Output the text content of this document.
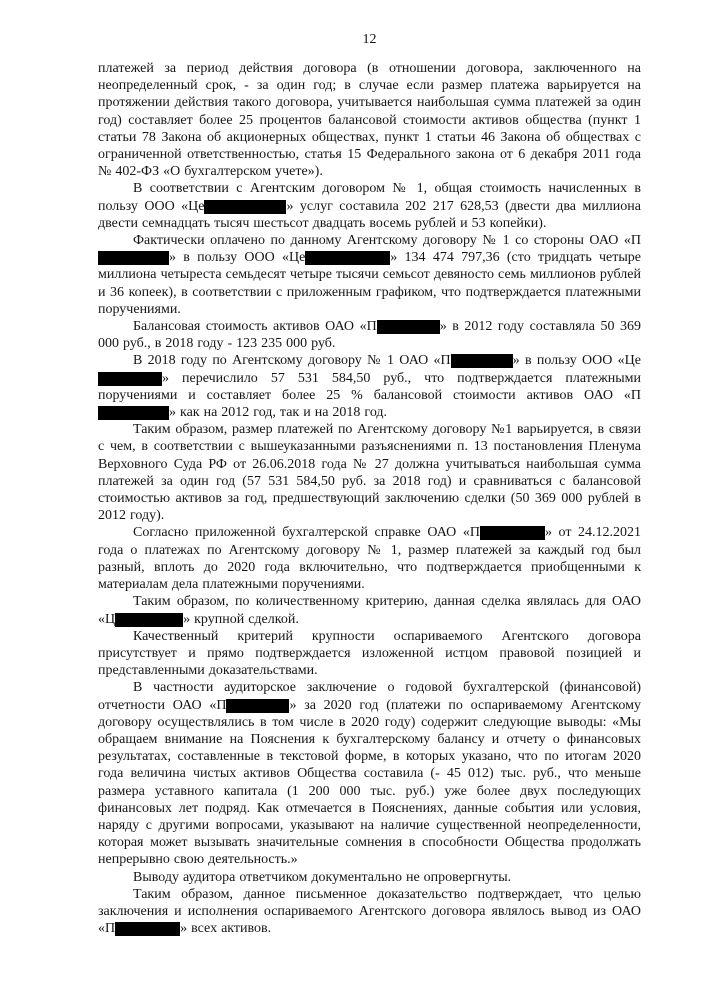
12

платежей за период действия договора (в отношении договора, заключенного на неопределенный срок, - за один год; в случае если размер платежа варьируется на протяжении действия такого договора, учитывается наибольшая сумма платежей за один год) составляет более 25 процентов балансовой стоимости активов общества (пункт 1 статьи 78 Закона об акционерных обществах, пункт 1 статьи 46 Закона об обществах с ограниченной ответственностью, статья 15 Федерального закона от 6 декабря 2011 года № 402-ФЗ «О бухгалтерском учете»).

В соответствии с Агентским договором № 1, общая стоимость начисленных в пользу ООО «Це	» услуг составила 202 217 628,53 (двести два миллиона двести семнадцать тысяч шестьсот двадцать восемь рублей и 53 копейки).

Фактически оплачено по данному Агентскому договору № 1 со стороны ОАО «П» в пользу ООО «Це	» 134 474 797,36 (сто тридцать четыре миллиона четыреста семьдесят четыре тысячи семьсот девяносто семь миллионов рублей и 36 копеек), в соответствии с приложенным графиком, что подтверждается платежными поручениями.

Балансовая стоимость активов ОАО «П	» в 2012 году составляла 50 369 000 руб., в 2018 году - 123 235 000 руб.

В 2018 году по Агентскому договору № 1 ОАО «П	» в пользу ООО «Це» перечислило 57 531 584,50 руб., что подтверждается платежными поручениями и составляет более 25 % балансовой стоимости активов ОАО «П» как на 2012 год, так и на 2018 год.

Таким образом, размер платежей по Агентскому договору №1 варьируется, в связи с чем, в соответствии с вышеуказанными разъяснениями п. 13 постановления Пленума Верховного Суда РФ от 26.06.2018 года № 27 должна учитываться наибольшая сумма платежей за один год (57 531 584,50 руб. за 2018 год) и сравниваться с балансовой стоимостью активов за год, предшествующий заключению сделки (50 369 000 рублей в 2012 году).

Согласно приложенной бухгалтерской справке ОАО «П	» от 24.12.2021 года о платежах по Агентскому договору № 1, размер платежей за каждый год был разный, вплоть до 2020 года включительно, что подтверждается приобщенными к материалам дела платежными поручениями.

Таким образом, по количественному критерию, данная сделка являлась для ОАО «Ц	» крупной сделкой.

Качественный критерий крупности оспариваемого Агентского договора присутствует и прямо подтверждается изложенной истцом правовой позицией и представленными доказательствами.

В частности аудиторское заключение о годовой бухгалтерской (финансовой) отчетности ОАО «П	» за 2020 год (платежи по оспариваемому Агентскому договору осуществлялись в том числе в 2020 году) содержит следующие выводы: «Мы обращаем внимание на Пояснения к бухгалтерскому балансу и отчету о финансовых результатах, составленные в текстовой форме, в которых указано, что по итогам 2020 года величина чистых активов Общества составила (- 45 012) тыс. руб., что меньше размера уставного капитала (1 200 000 тыс. руб.) уже более двух последующих финансовых лет подряд. Как отмечается в Пояснениях, данные события или условия, наряду с другими вопросами, указывают на наличие существенной неопределенности, которая может вызывать значительные сомнения в способности Общества продолжать непрерывно свою деятельность.»

Выводу аудитора ответчиком документально не опровергнуты.

Таким образом, данное письменное доказательство подтверждает, что целью заключения и исполнения оспариваемого Агентского договора являлось вывод из ОАО «П	» всех активов.
